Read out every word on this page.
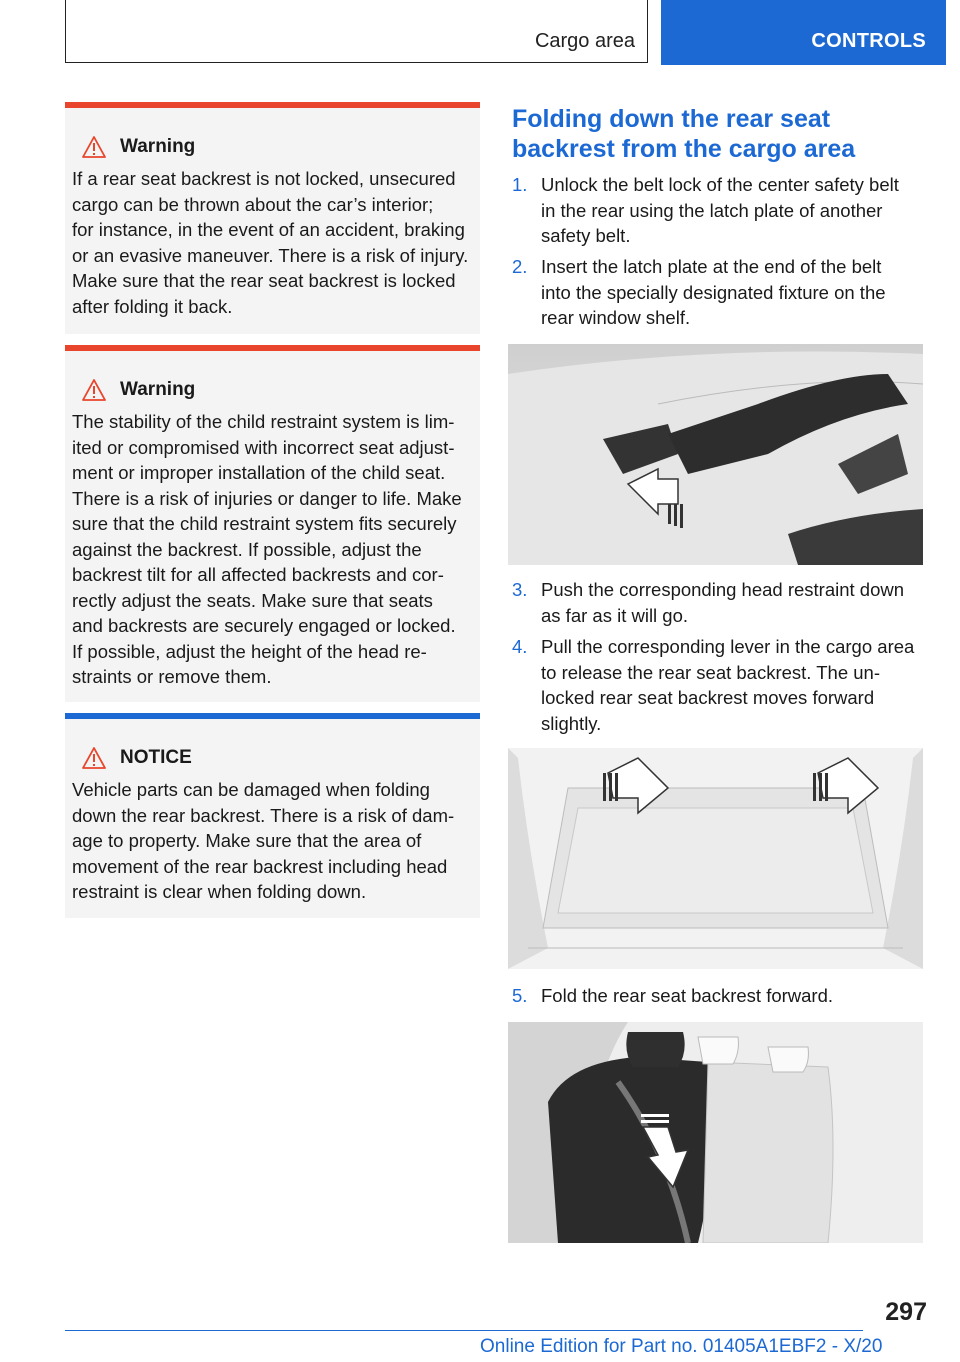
Cargo area	CONTROLS
Warning

If a rear seat backrest is not locked, unsecured
cargo can be thrown about the car’s interior;
for instance, in the event of an accident, braking
or an evasive maneuver. There is a risk of injury.
Make sure that the rear seat backrest is locked
after folding it back.

Warning

The stability of the child restraint system is lim-
ited or compromised with incorrect seat adjust-
ment or improper installation of the child seat.
There is a risk of injuries or danger to life. Make
sure that the child restraint system fits securely
against the backrest. If possible, adjust the
backrest tilt for all affected backrests and cor-
rectly adjust the seats. Make sure that seats
and backrests are securely engaged or locked.
If possible, adjust the height of the head re-
straints or remove them.

NOTICE

Vehicle parts can be damaged when folding
down the rear backrest. There is a risk of dam-
age to property. Make sure that the area of
movement of the rear backrest including head
restraint is clear when folding down.

Folding down the rear seat backrest from the cargo area
1. Unlock the belt lock of the center safety belt
in the rear using the latch plate of another
safety belt.
2. Insert the latch plate at the end of the belt
into the specially designated fixture on the
rear window shelf.
3. Push the corresponding head restraint down
as far as it will go.
4. Pull the corresponding lever in the cargo area
to release the rear seat backrest. The un-
locked rear seat backrest moves forward
slightly.
5. Fold the rear seat backrest forward.
297
Online Edition for Part no. 01405A1EBF2 - X/20
